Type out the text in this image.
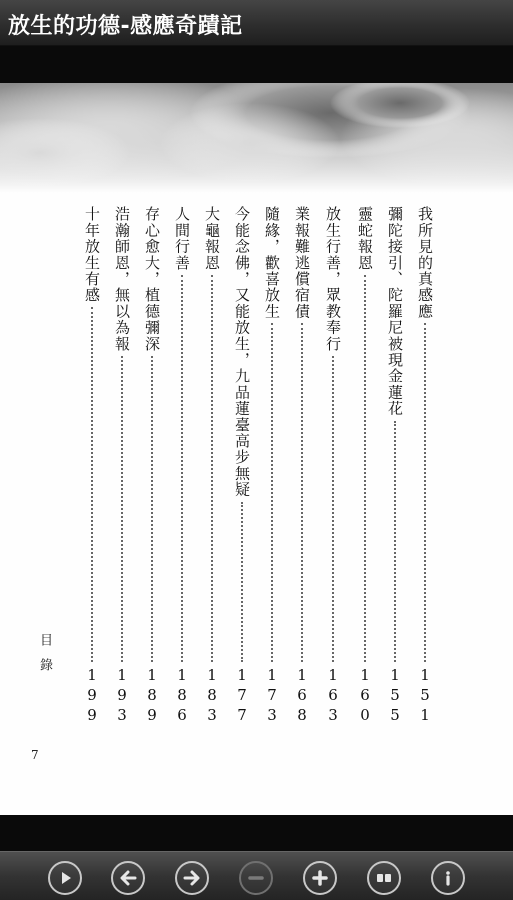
放生的功德-感應奇蹟記
我所見的真感應
151
彌陀接引、陀羅尼被現金蓮花
155
靈蛇報恩
160
放生行善，眾教奉行
163
業報難逃償宿債
168
隨緣，歡喜放生
173
今能念佛，又能放生，九品蓮臺高步無疑
177
大龜報恩
183
人間行善
186
存心愈大，植德彌深
189
浩瀚師恩，無以為報
193
十年放生有感
199
目錄
7
